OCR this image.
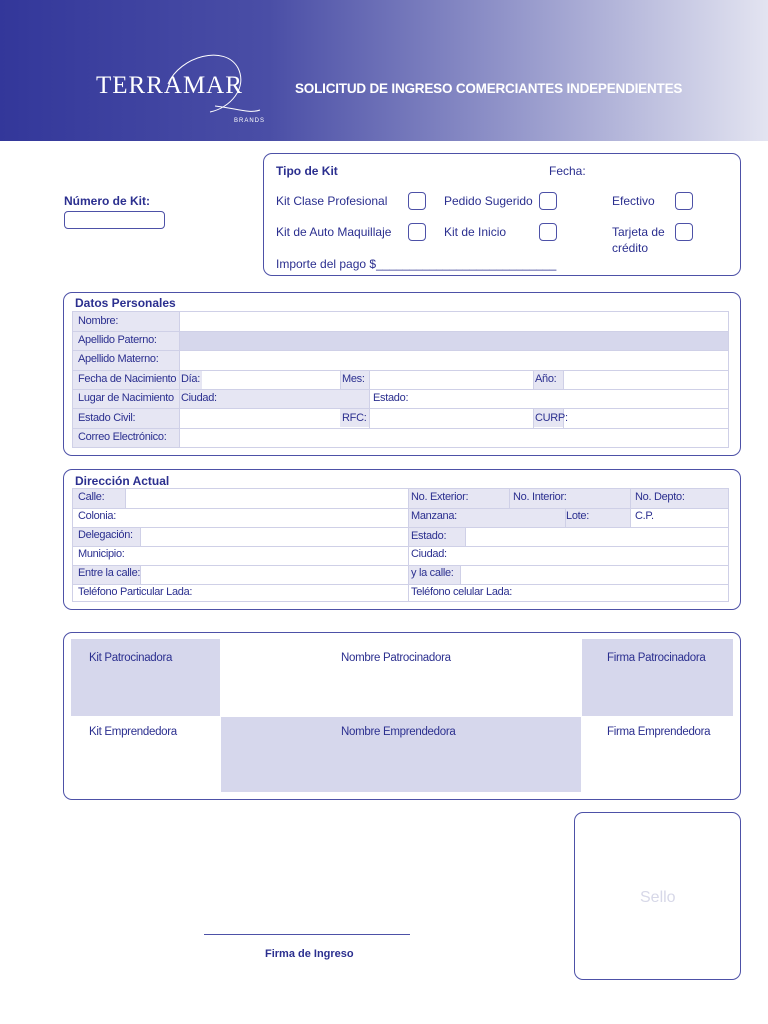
TERRAMAR
BRANDS
SOLICITUD DE INGRESO COMERCIANTES INDEPENDIENTES
Número de Kit:
Tipo de Kit	Fecha:
Kit Clase Profesional	Pedido Sugerido	Efectivo
Kit de Auto Maquillaje	Kit de Inicio	Tarjeta de
crédito
Importe del pago $___________________________
Datos Personales
Nombre:
Apellido Paterno:
Apellido Materno:
Fecha de Nacimiento Día:	Mes:	Año:
Lugar de Nacimiento Ciudad:	Estado:
Estado Civil:	RFC:	CURP:
Correo Electrónico:
Dirección Actual
Calle:	No. Exterior:	No. Interior:	No. Depto:
Colonia:	Manzana:	Lote:	C.P.
Delegación:	Estado:
Municipio:	Ciudad:
Entre la calle:	y la calle:
Teléfono Particular Lada:	Teléfono celular Lada:
Kit Patrocinadora	Nombre Patrocinadora	Firma Patrocinadora
Kit Emprendedora	Nombre Emprendedora	Firma Emprendedora
Firma de Ingreso
Sello
